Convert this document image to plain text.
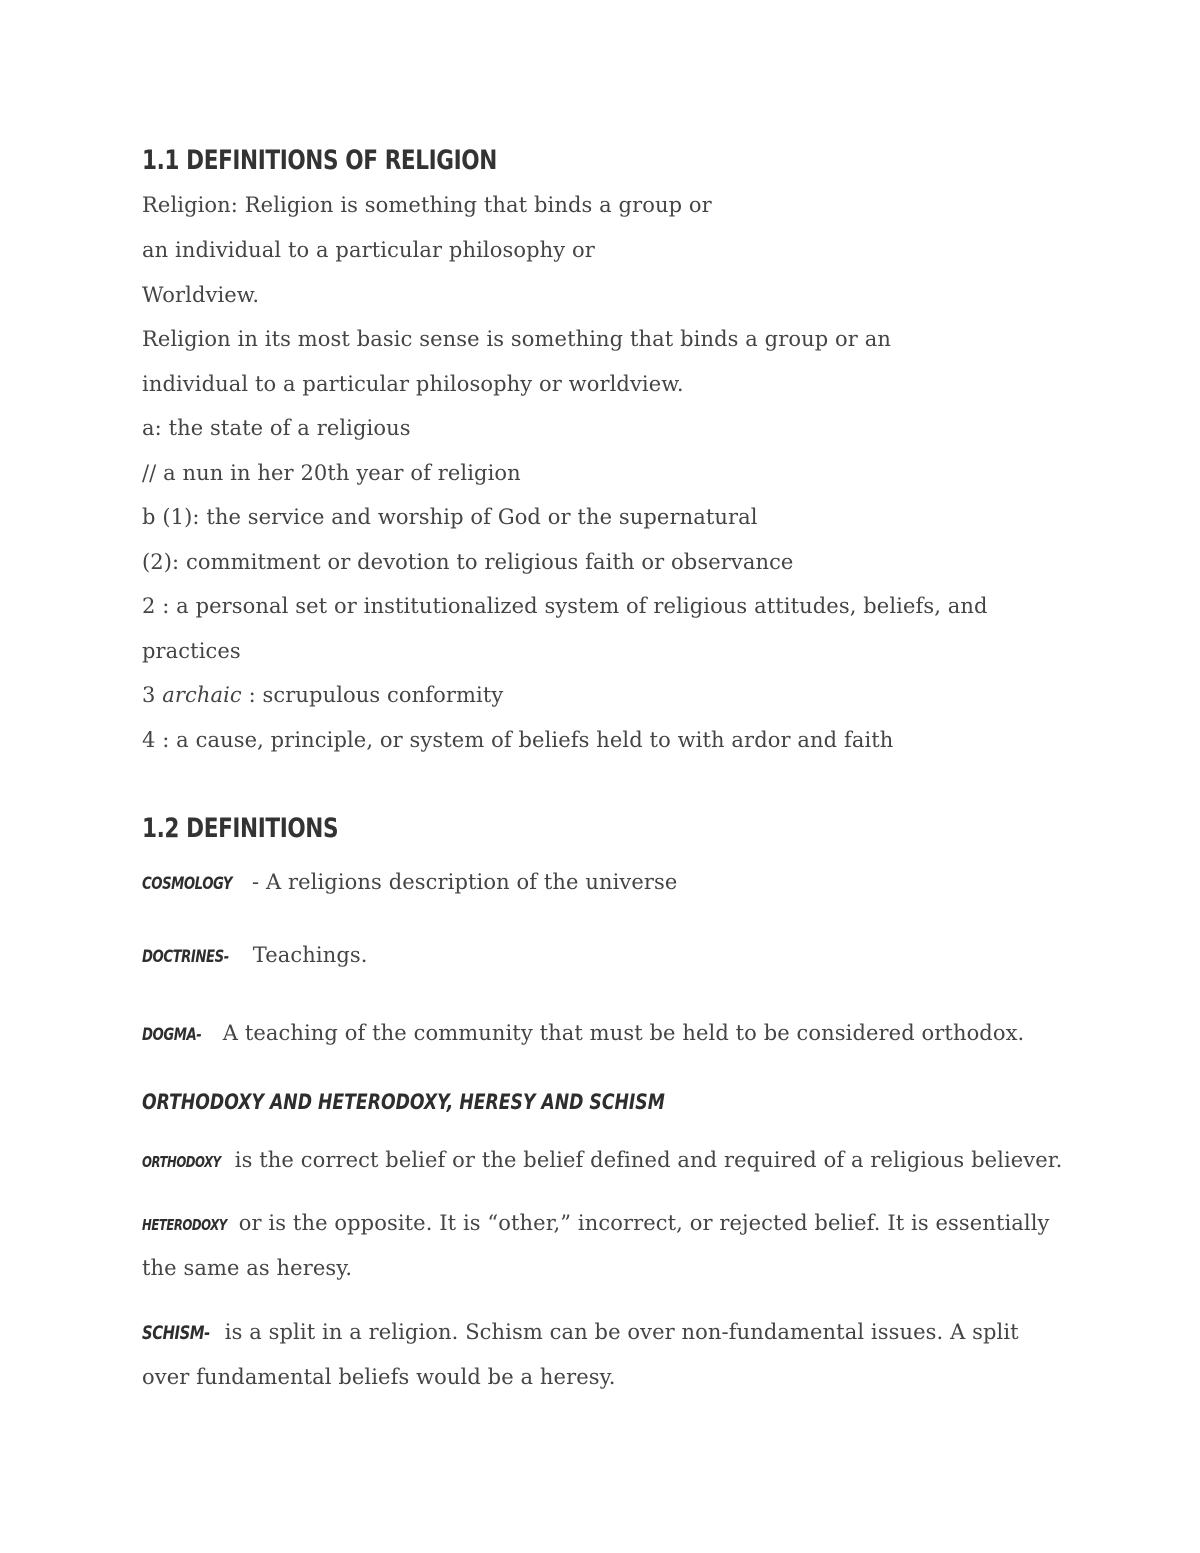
1.1 DEFINITIONS OF RELIGION
Religion: Religion is something that binds a group or
an individual to a particular philosophy or
Worldview.
Religion in its most basic sense is something that binds a group or an
individual to a particular philosophy or worldview.
a: the state of a religious
// a nun in her 20th year of religion
b (1): the service and worship of God or the supernatural
(2): commitment or devotion to religious faith or observance
2 : a personal set or institutionalized system of religious attitudes, beliefs, and
practices
3 archaic : scrupulous conformity
4 : a cause, principle, or system of beliefs held to with ardor and faith
1.2 DEFINITIONS
COSMOLOGY - A religions description of the universe
DOCTRINES- Teachings.
DOGMA- A teaching of the community that must be held to be considered orthodox.
ORTHODOXY AND HETERODOXY, HERESY AND SCHISM
ORTHODOXY is the correct belief or the belief defined and required of a religious believer.
HETERODOXY or is the opposite. It is “other,” incorrect, or rejected belief. It is essentially
the same as heresy.
SCHISM- is a split in a religion. Schism can be over non-fundamental issues. A split
over fundamental beliefs would be a heresy.
